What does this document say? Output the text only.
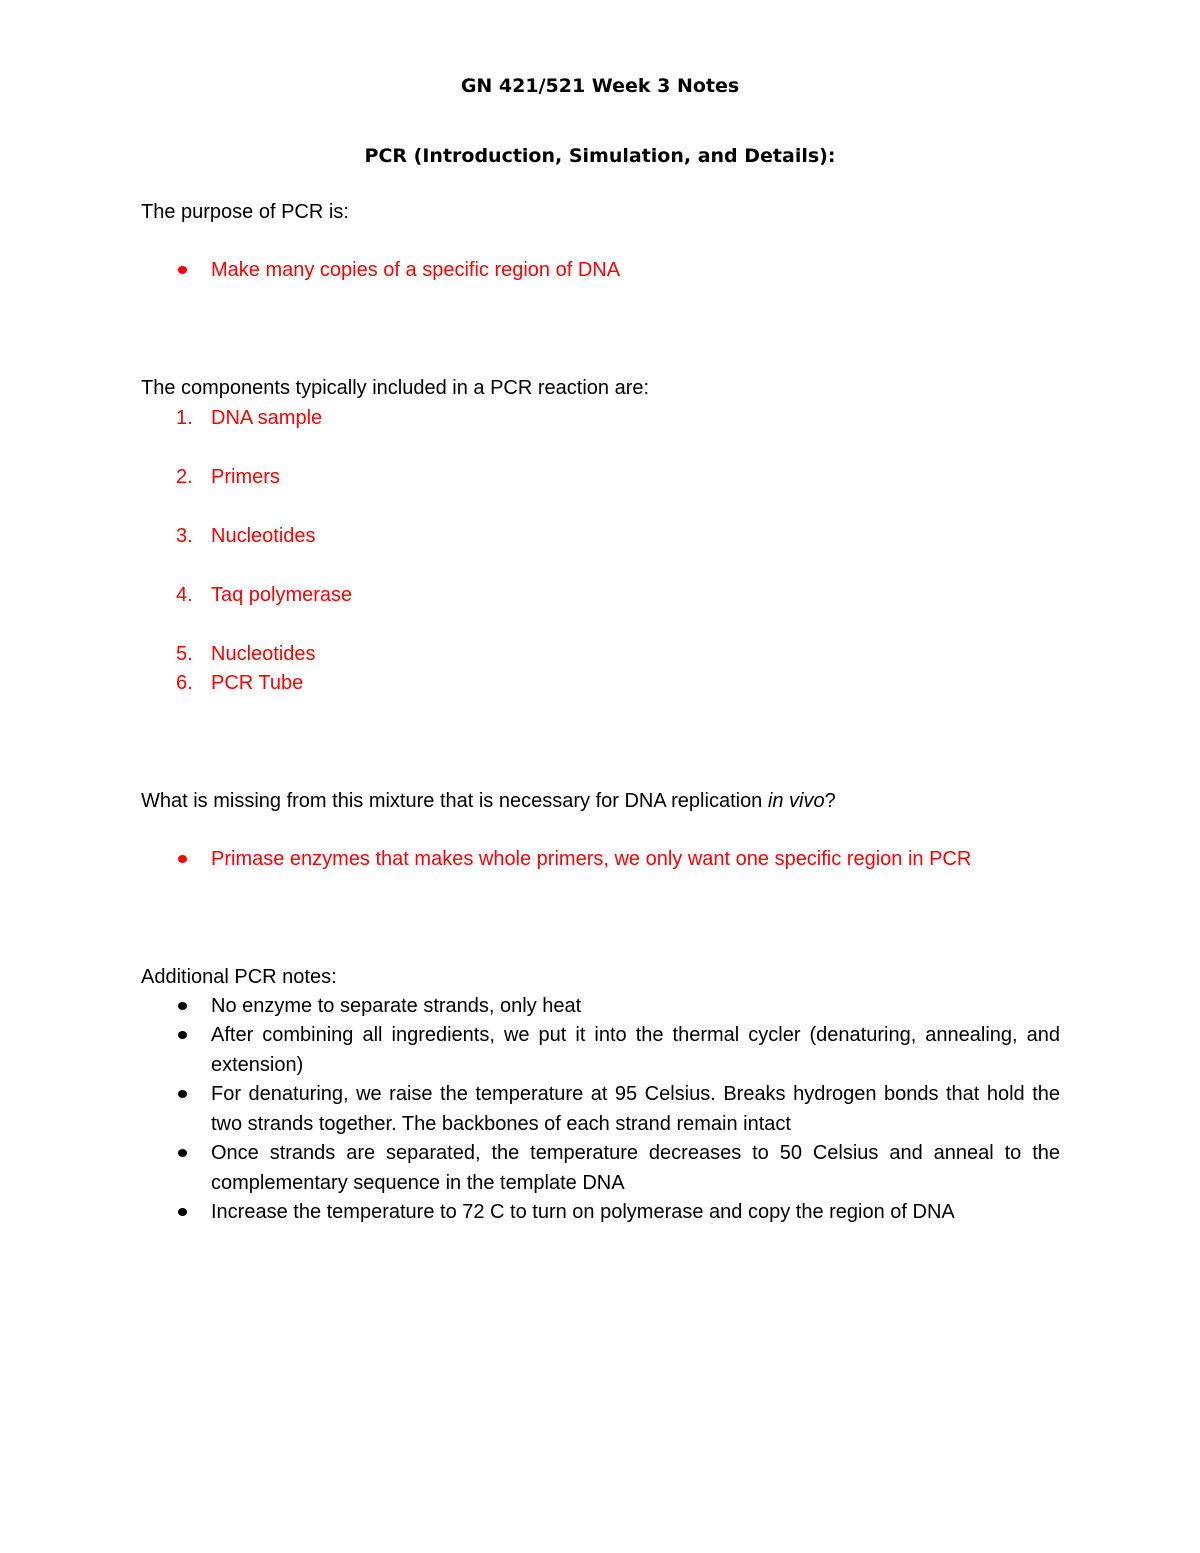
GN 421/521 Week 3 Notes
PCR (Introduction, Simulation, and Details):
The purpose of PCR is:
Make many copies of a specific region of DNA
The components typically included in a PCR reaction are:
1. DNA sample
2. Primers
3. Nucleotides
4. Taq polymerase
5. Nucleotides
6. PCR Tube
What is missing from this mixture that is necessary for DNA replication in vivo?
Primase enzymes that makes whole primers, we only want one specific region in PCR
Additional PCR notes:
No enzyme to separate strands, only heat
After combining all ingredients, we put it into the thermal cycler (denaturing, annealing, and extension)
For denaturing, we raise the temperature at 95 Celsius. Breaks hydrogen bonds that hold the two strands together. The backbones of each strand remain intact
Once strands are separated, the temperature decreases to 50 Celsius and anneal to the complementary sequence in the template DNA
Increase the temperature to 72 C to turn on polymerase and copy the region of DNA
